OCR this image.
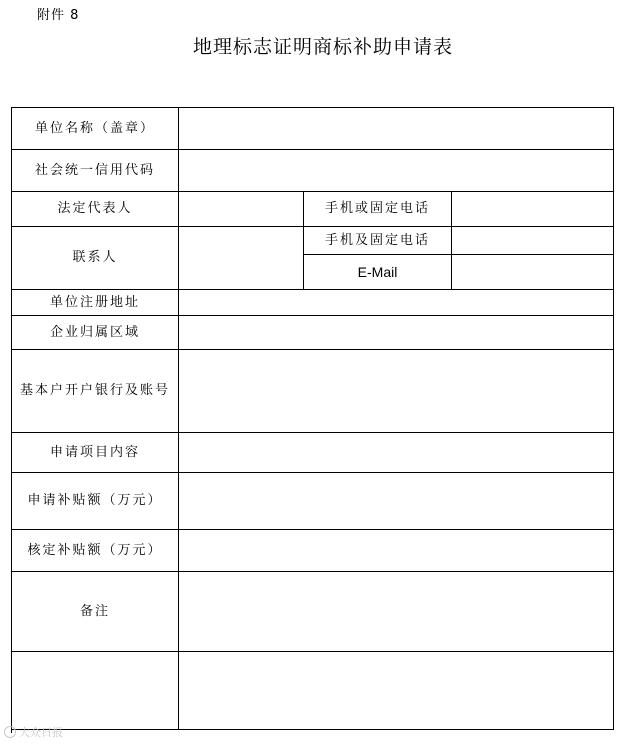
附件 8
地理标志证明商标补助申请表
单位名称（盖章）
社会统一信用代码
法定代表人	手机或固定电话
联系人
手机及固定电话
E-Mail
单位注册地址
企业归属区域
基本户开户银行及账号
申请项目内容
申请补贴额（万元）
核定补贴额（万元）
备注
大众日报
